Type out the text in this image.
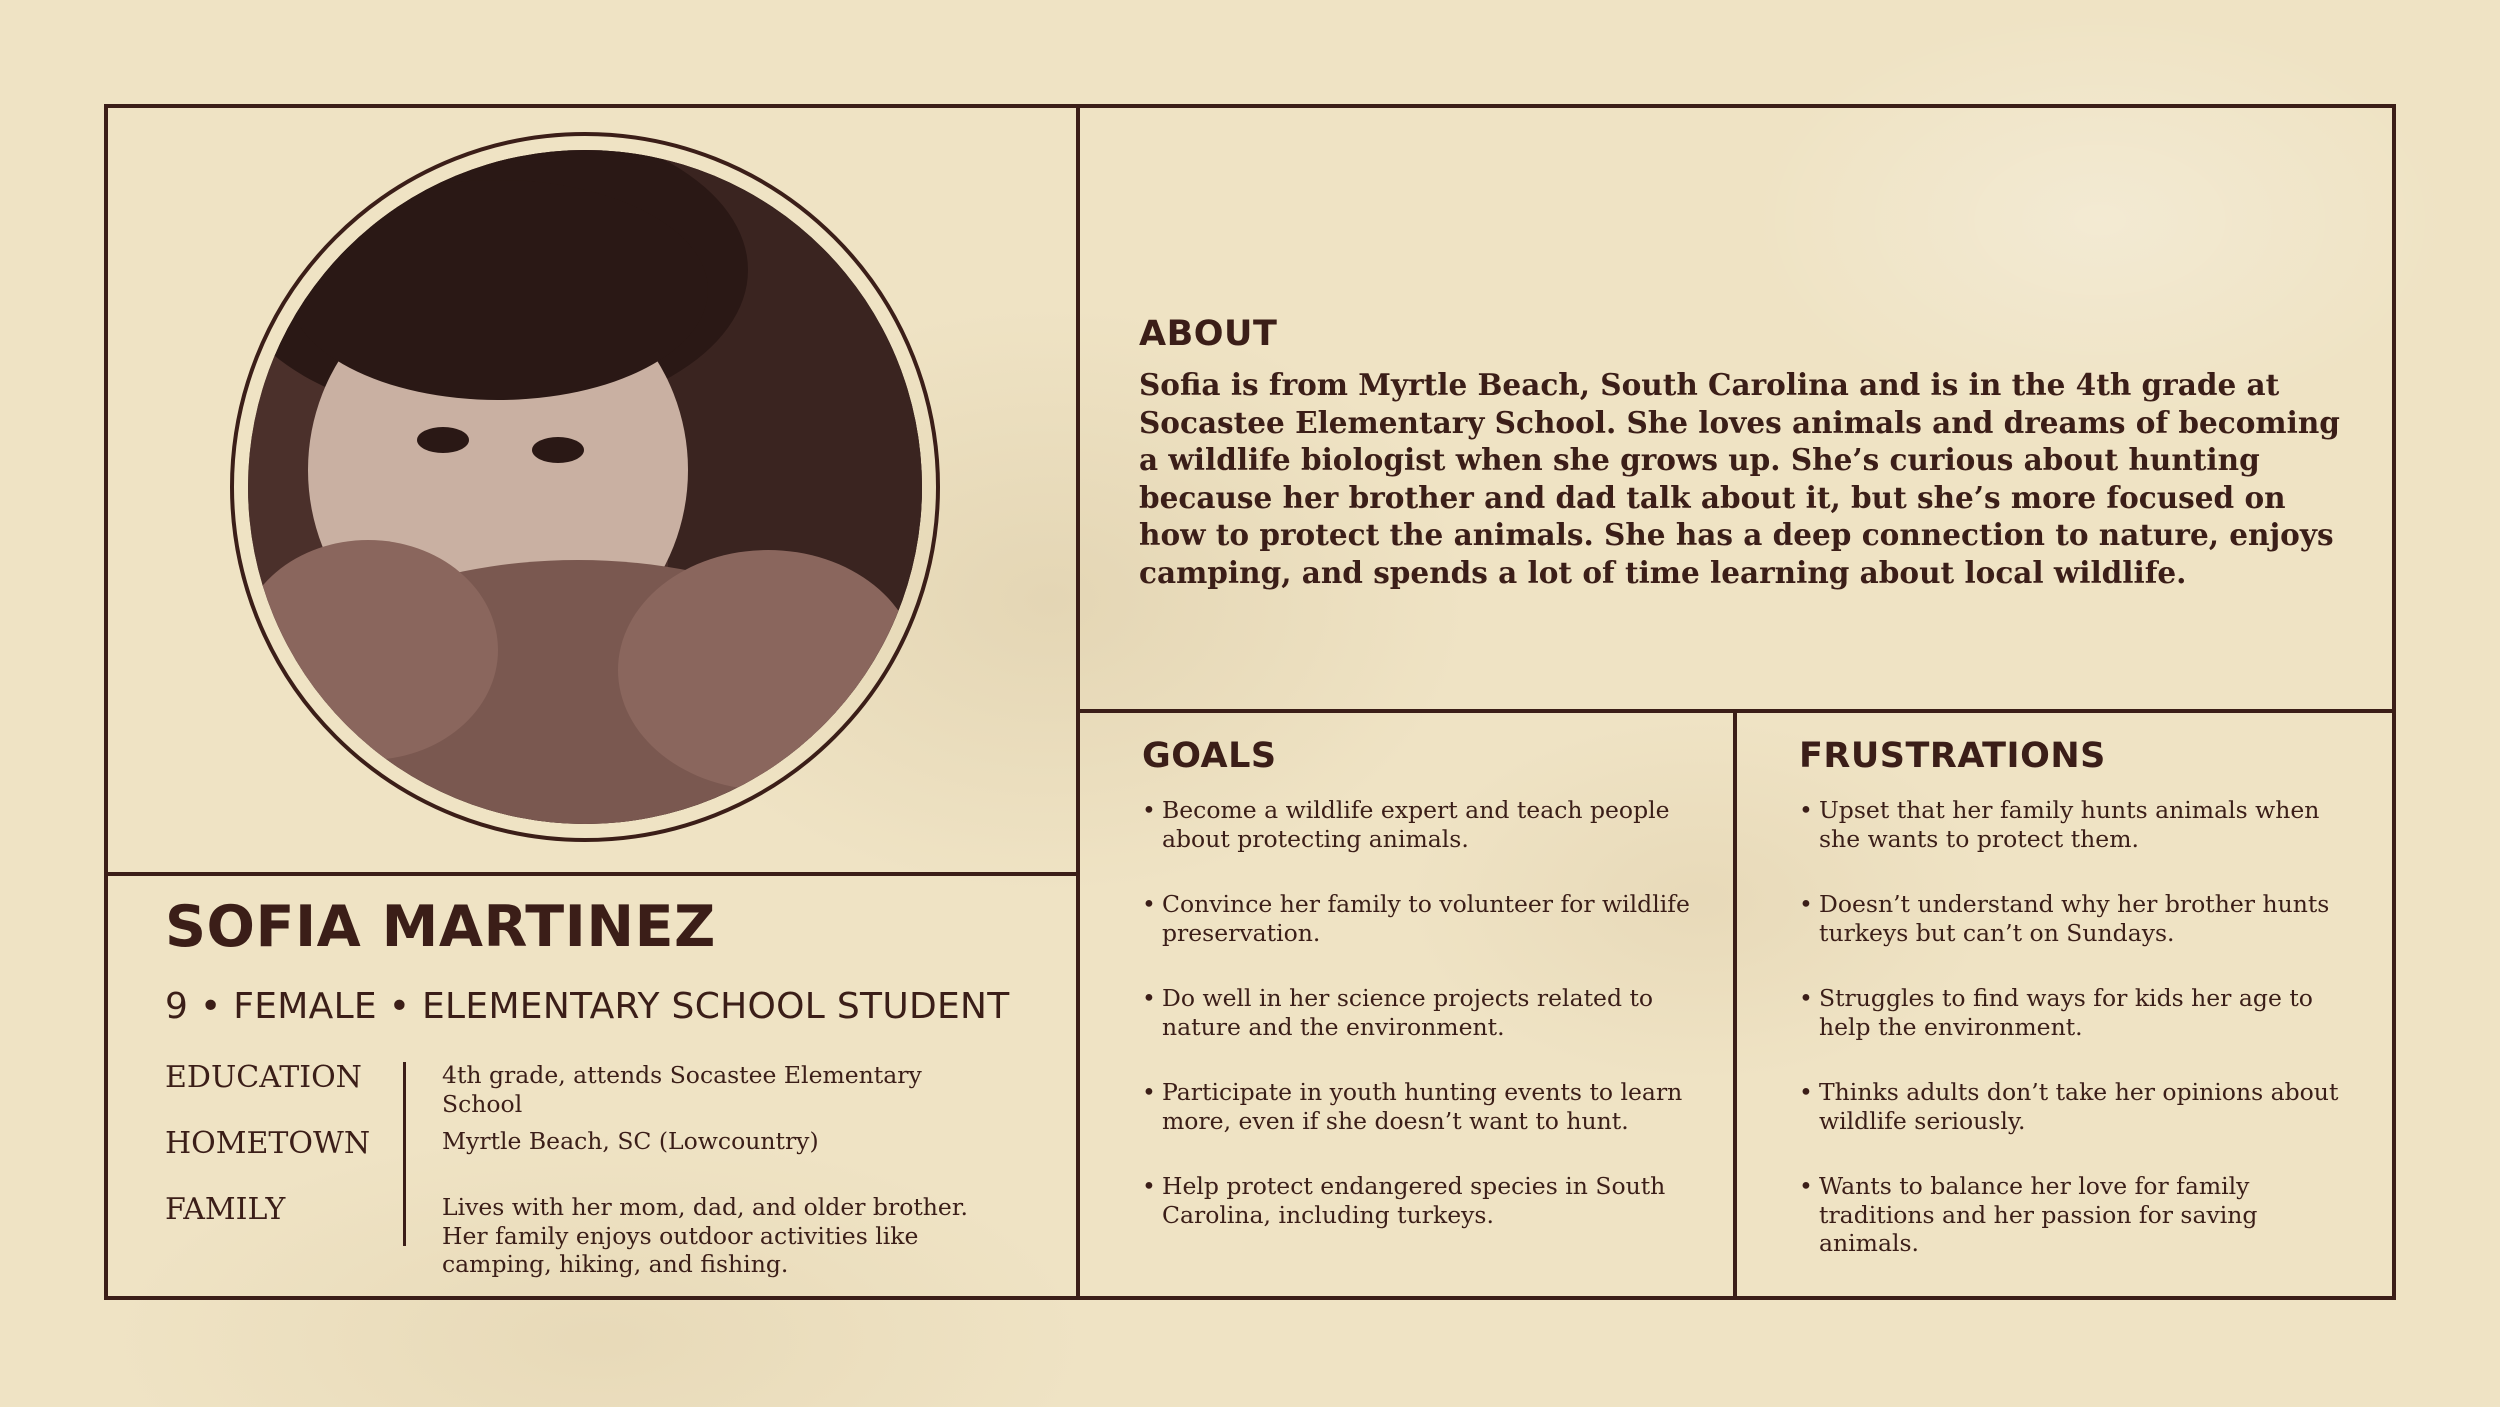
ABOUT

Sofia is from Myrtle Beach, South Carolina and is in the 4th grade at Socastee Elementary School. She loves animals and dreams of becoming a wildlife biologist when she grows up. She’s curious about hunting because her brother and dad talk about it, but she’s more focused on how to protect the animals. She has a deep connection to nature, enjoys camping, and spends a lot of time learning about local wildlife.

SOFIA MARTINEZ

9 • FEMALE • ELEMENTARY SCHOOL STUDENT

EDUCATION	4th grade, attends Socastee Elementary School
HOMETOWN	Myrtle Beach, SC (Lowcountry)
FAMILY	Lives with her mom, dad, and older brother. Her family enjoys outdoor activities like camping, hiking, and fishing.
GOALS
• Become a wildlife expert and teach people about protecting animals.
• Convince her family to volunteer for wildlife preservation.
• Do well in her science projects related to nature and the environment.
• Participate in youth hunting events to learn more, even if she doesn’t want to hunt.
• Help protect endangered species in South Carolina, including turkeys.
FRUSTRATIONS
• Upset that her family hunts animals when she wants to protect them.
• Doesn’t understand why her brother hunts turkeys but can’t on Sundays.
• Struggles to find ways for kids her age to help the environment.
• Thinks adults don’t take her opinions about wildlife seriously.
• Wants to balance her love for family traditions and her passion for saving animals.
